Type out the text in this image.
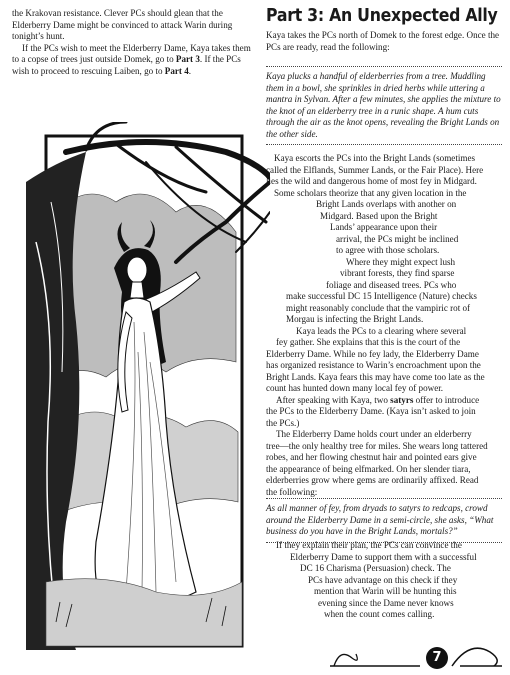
the Krakovan resistance. Clever PCs should glean that the Elderberry Dame might be convinced to attack Warin during tonight’s hunt.

If the PCs wish to meet the Elderberry Dame, Kaya takes them to a copse of trees just outside Domek, go to Part 3. If the PCs wish to proceed to rescuing Laiben, go to Part 4.

Part 3: An Unexpected Ally

Kaya takes the PCs north of Domek to the forest edge. Once the PCs are ready, read the following:

Kaya plucks a handful of elderberries from a tree. Muddling them in a bowl, she sprinkles in dried herbs while uttering a mantra in Sylvan. After a few minutes, she applies the mixture to the knot of an elderberry tree in a runic shape. A hum cuts through the air as the knot opens, revealing the Bright Lands on the other side.

Kaya escorts the PCs into the Bright Lands (sometimes
called the Elflands, Summer Lands, or the Fair Place). Here
lies the wild and dangerous home of most fey in Midgard.
Some scholars theorize that any given location in the
Bright Lands overlaps with another on
Midgard. Based upon the Bright
Lands’ appearance upon their
arrival, the PCs might be inclined
to agree with those scholars.
Where they might expect lush
vibrant forests, they find sparse
foliage and diseased trees. PCs who
make successful DC 15 Intelligence (Nature) checks
might reasonably conclude that the vampiric rot of
Morgau is infecting the Bright Lands.
Kaya leads the PCs to a clearing where several
fey gather. She explains that this is the court of the
Elderberry Dame. While no fey lady, the Elderberry Dame
has organized resistance to Warin’s encroachment upon the
Bright Lands. Kaya fears this may have come too late as the
count has hunted down many local fey of power.
After speaking with Kaya, two satyrs offer to introduce
the PCs to the Elderberry Dame. (Kaya isn’t asked to join
the PCs.)
The Elderberry Dame holds court under an elderberry
tree—the only healthy tree for miles. She wears long tattered
robes, and her flowing chestnut hair and pointed ears give
the appearance of being elfmarked. On her slender tiara,
elderberries grow where gems are ordinarily affixed. Read
the following:

As all manner of fey, from dryads to satyrs to redcaps, crowd around the Elderberry Dame in a semi-circle, she asks, “What business do you have in the Bright Lands, mortals?”

If they explain their plan, the PCs can convince the
Elderberry Dame to support them with a successful
DC 16 Charisma (Persuasion) check. The
PCs have advantage on this check if they
mention that Warin will be hunting this
evening since the Dame never knows
when the count comes calling.
7
